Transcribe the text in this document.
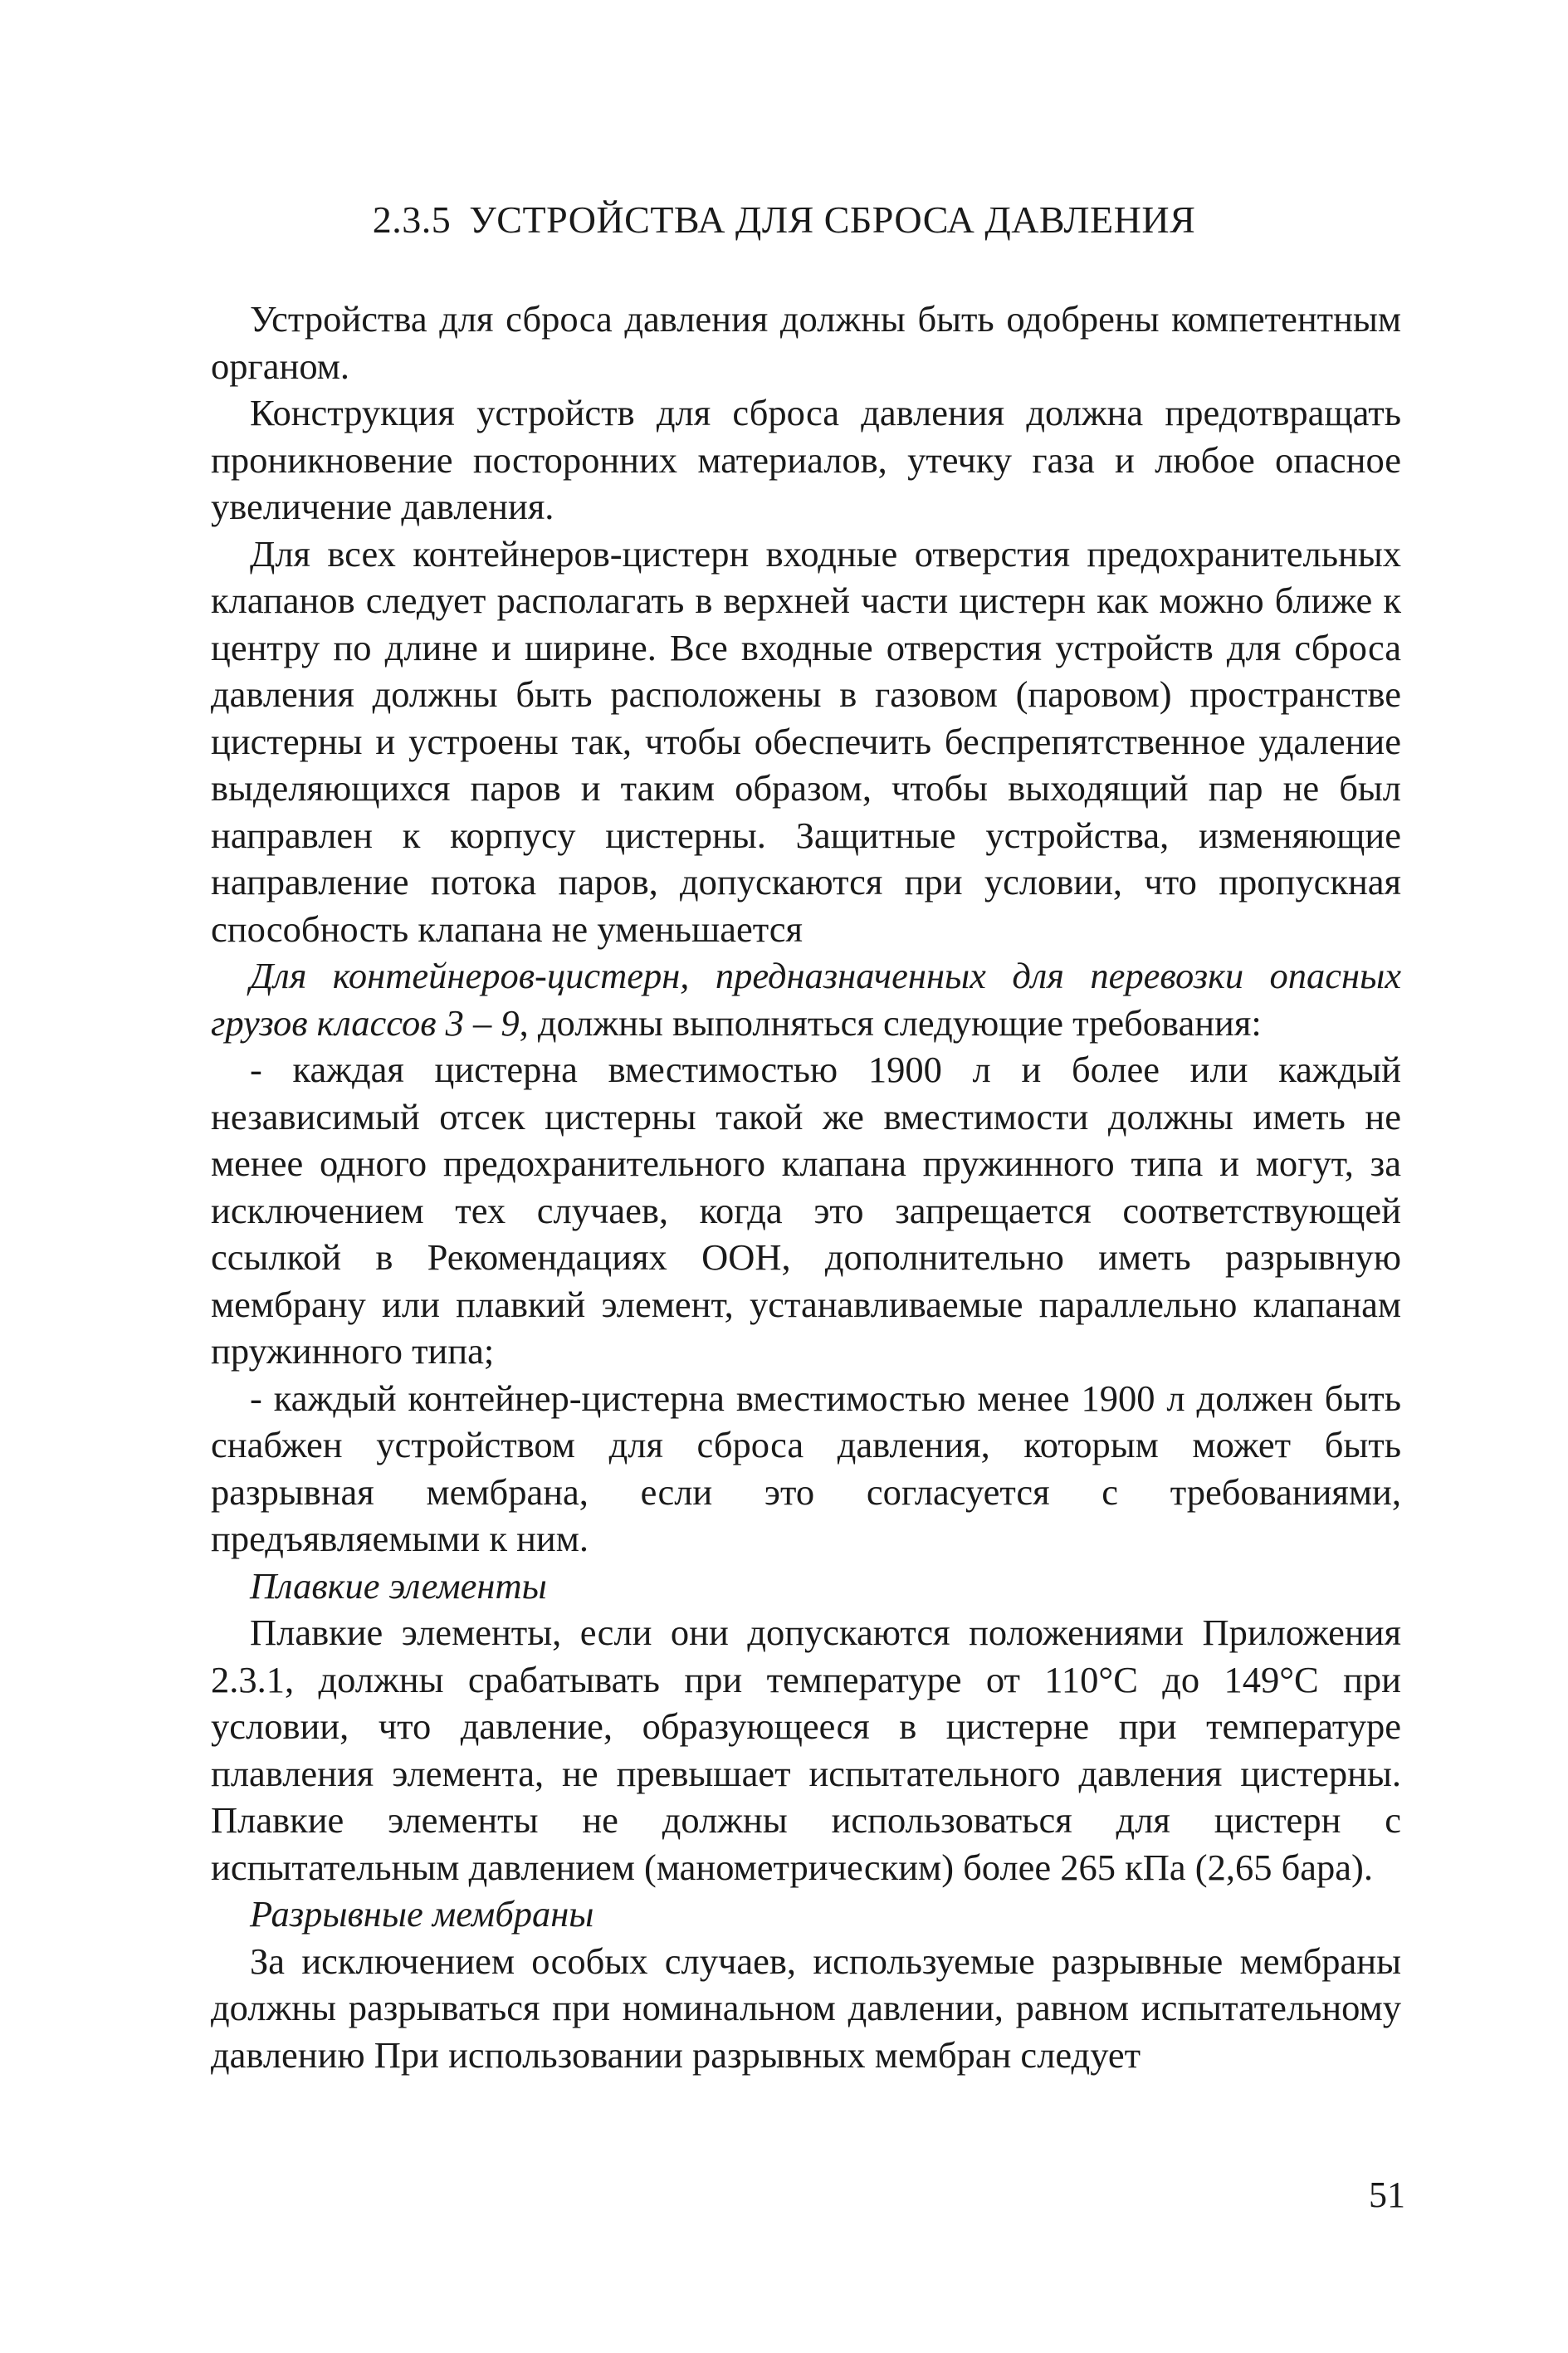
2.3.5 УСТРОЙСТВА ДЛЯ СБРОСА ДАВЛЕНИЯ

Устройства для сброса давления должны быть одобрены компетентным органом.

Конструкция устройств для сброса давления должна предотвращать проникновение посторонних материалов, утечку газа и любое опасное увеличение давления.

Для всех контейнеров-цистерн входные отверстия предохранительных клапанов следует располагать в верхней части цистерн как можно ближе к центру по длине и ширине. Все входные отверстия устройств для сброса давления должны быть расположены в газовом (паровом) пространстве цистерны и устроены так, чтобы обеспечить беспрепятственное удаление выделяющихся паров и таким образом, чтобы выходящий пар не был направлен к корпусу цистерны. Защитные устройства, изменяющие направление потока паров, допускаются при условии, что пропускная способность клапана не уменьшается

Для контейнеров-цистерн, предназначенных для перевозки опасных грузов классов 3 – 9, должны выполняться следующие требования:

- каждая цистерна вместимостью 1900 л и более или каждый независимый отсек цистерны такой же вместимости должны иметь не менее одного предохранительного клапана пружинного типа и могут, за исключением тех случаев, когда это запрещается соответствующей ссылкой в Рекомендациях ООН, дополнительно иметь разрывную мембрану или плавкий элемент, устанавливаемые параллельно клапанам пружинного типа;

- каждый контейнер-цистерна вместимостью менее 1900 л должен быть снабжен устройством для сброса давления, которым может быть разрывная мембрана, если это согласуется с требованиями, предъявляемыми к ним.

Плавкие элементы

Плавкие элементы, если они допускаются положениями Приложения 2.3.1, должны срабатывать при температуре от 110°С до 149°С при условии, что давление, образующееся в цистерне при температуре плавления элемента, не превышает испытательного давления цистерны. Плавкие элементы не должны использоваться для цистерн с испытательным давлением (манометрическим) более 265 кПа (2,65 бара).

Разрывные мембраны

За исключением особых случаев, используемые разрывные мембраны должны разрываться при номинальном давлении, равном испытательному давлению При использовании разрывных мембран следует

51
